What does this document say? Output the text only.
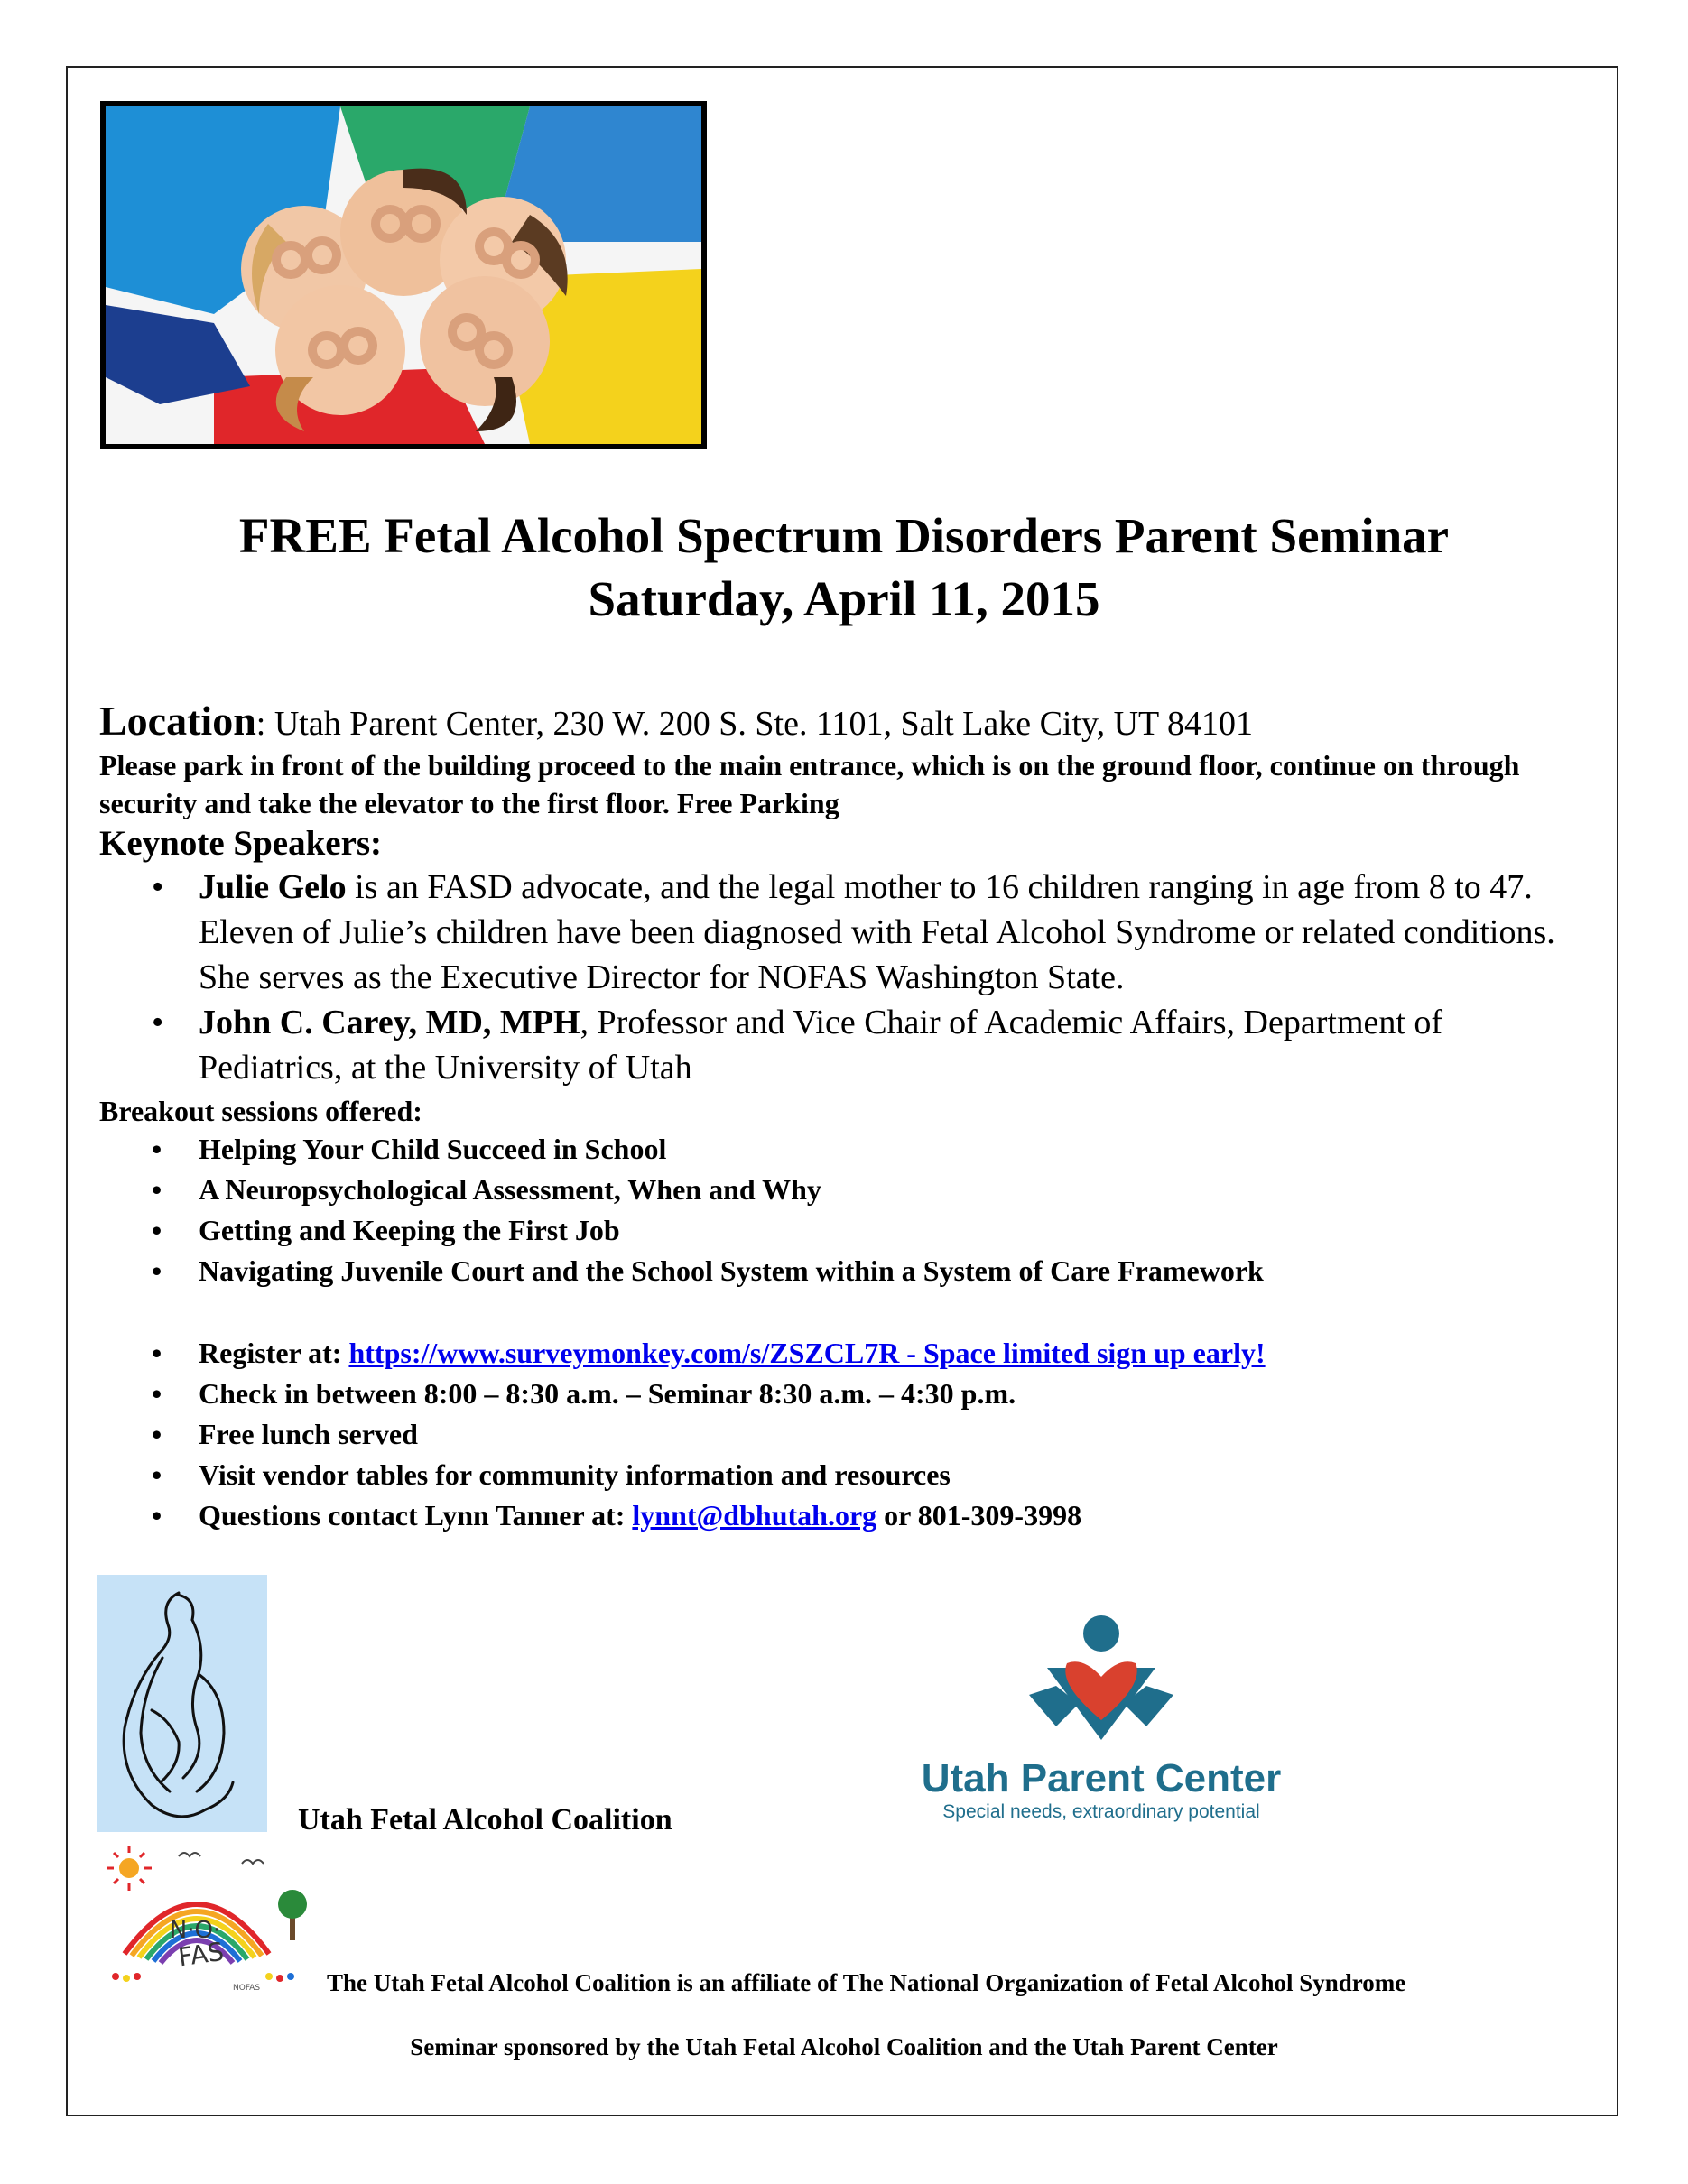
FREE Fetal Alcohol Spectrum Disorders Parent Seminar
Saturday, April 11, 2015
Location: Utah Parent Center, 230 W. 200 S. Ste. 1101, Salt Lake City, UT 84101
Please park in front of the building proceed to the main entrance, which is on the ground floor, continue on through security and take the elevator to the first floor. Free Parking
Keynote Speakers:
• Julie Gelo is an FASD advocate, and the legal mother to 16 children ranging in age from 8 to 47. Eleven of Julie’s children have been diagnosed with Fetal Alcohol Syndrome or related conditions. She serves as the Executive Director for NOFAS Washington State.
• John C. Carey, MD, MPH, Professor and Vice Chair of Academic Affairs, Department of Pediatrics, at the University of Utah
Breakout sessions offered:
• Helping Your Child Succeed in School
• A Neuropsychological Assessment, When and Why
• Getting and Keeping the First Job
• Navigating Juvenile Court and the School System within a System of Care Framework
• Register at: https://www.surveymonkey.com/s/ZSZCL7R - Space limited sign up early!
• Check in between 8:00 – 8:30 a.m. – Seminar 8:30 a.m. – 4:30 p.m.
• Free lunch served
• Visit vendor tables for community information and resources
• Questions contact Lynn Tanner at: lynnt@dbhutah.org or 801-309-3998
Utah Fetal Alcohol Coalition
Utah Parent Center
Special needs, extraordinary potential
N·O·
FAS
NOFAS	The Utah Fetal Alcohol Coalition is an affiliate of The National Organization of Fetal Alcohol Syndrome
Seminar sponsored by the Utah Fetal Alcohol Coalition and the Utah Parent Center
